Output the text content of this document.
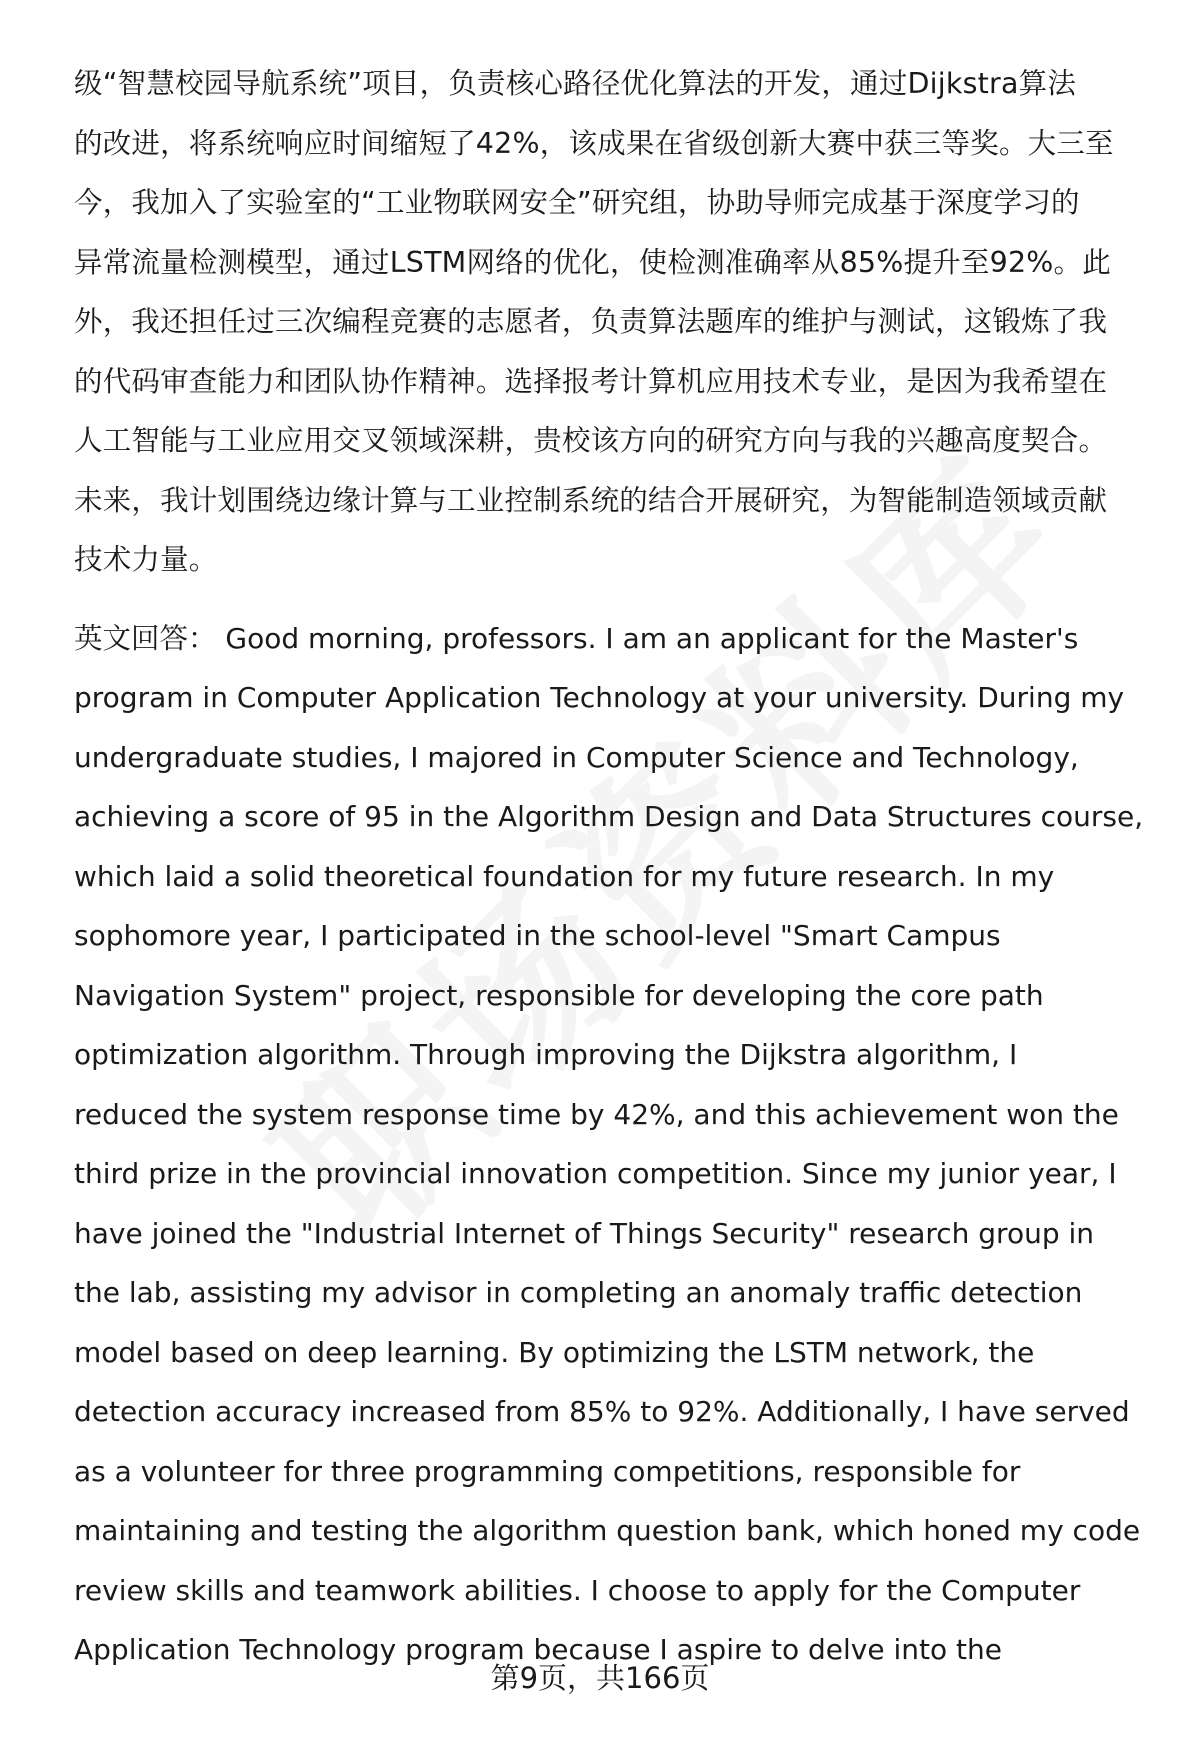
级“智慧校园导航系统”项目，负责核心路径优化算法的开发，通过Dijkstra算法
的改进，将系统响应时间缩短了42%，该成果在省级创新大赛中获三等奖。大三至
今，我加入了实验室的“工业物联网安全”研究组，协助导师完成基于深度学习的
异常流量检测模型，通过LSTM网络的优化，使检测准确率从85%提升至92%。此
外，我还担任过三次编程竞赛的志愿者，负责算法题库的维护与测试，这锻炼了我
的代码审查能力和团队协作精神。选择报考计算机应用技术专业，是因为我希望在
人工智能与工业应用交叉领域深耕，贵校该方向的研究方向与我的兴趣高度契合。
未来，我计划围绕边缘计算与工业控制系统的结合开展研究，为智能制造领域贡献
技术力量。

英文回答： Good morning, professors. I am an applicant for the Master's
program in Computer Application Technology at your university. During my
undergraduate studies, I majored in Computer Science and Technology,
achieving a score of 95 in the Algorithm Design and Data Structures course,
which laid a solid theoretical foundation for my future research. In my
sophomore year, I participated in the school-level "Smart Campus
Navigation System" project, responsible for developing the core path
optimization algorithm. Through improving the Dijkstra algorithm, I
reduced the system response time by 42%, and this achievement won the
third prize in the provincial innovation competition. Since my junior year, I
have joined the "Industrial Internet of Things Security" research group in
the lab, assisting my advisor in completing an anomaly traffic detection
model based on deep learning. By optimizing the LSTM network, the
detection accuracy increased from 85% to 92%. Additionally, I have served
as a volunteer for three programming competitions, responsible for
maintaining and testing the algorithm question bank, which honed my code
review skills and teamwork abilities. I choose to apply for the Computer
Application Technology program because I aspire to delve into the

第9页，共166页
